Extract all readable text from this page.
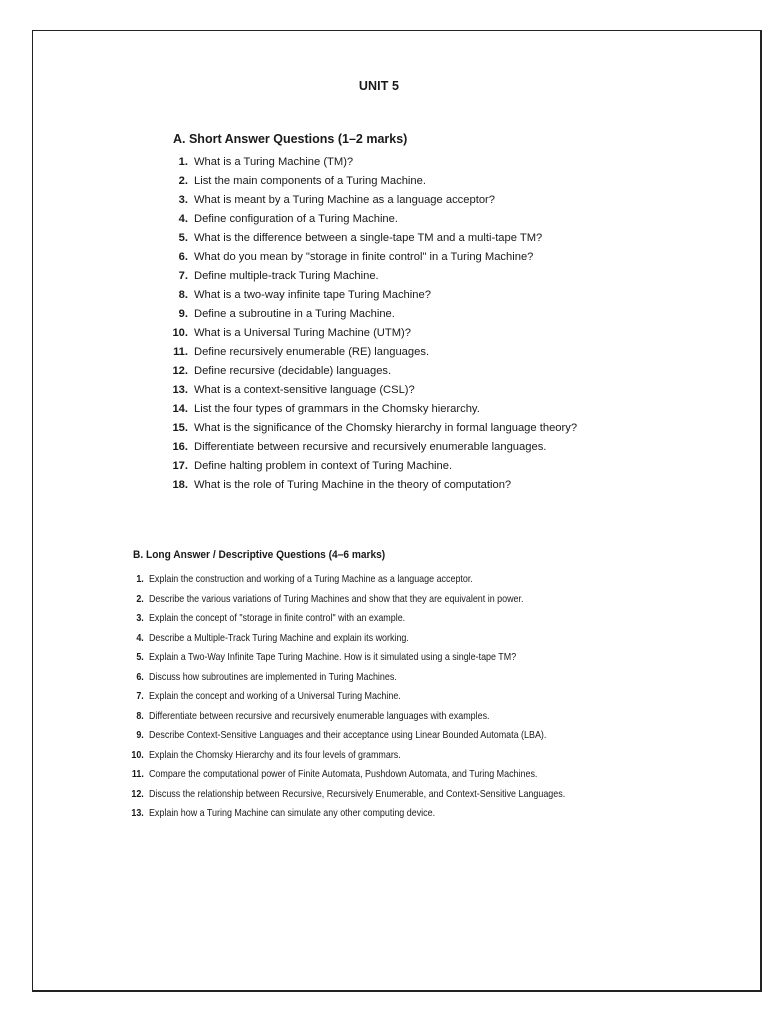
UNIT 5
A. Short Answer Questions (1–2 marks)
1. What is a Turing Machine (TM)?
2. List the main components of a Turing Machine.
3. What is meant by a Turing Machine as a language acceptor?
4. Define configuration of a Turing Machine.
5. What is the difference between a single-tape TM and a multi-tape TM?
6. What do you mean by "storage in finite control" in a Turing Machine?
7. Define multiple-track Turing Machine.
8. What is a two-way infinite tape Turing Machine?
9. Define a subroutine in a Turing Machine.
10. What is a Universal Turing Machine (UTM)?
11. Define recursively enumerable (RE) languages.
12. Define recursive (decidable) languages.
13. What is a context-sensitive language (CSL)?
14. List the four types of grammars in the Chomsky hierarchy.
15. What is the significance of the Chomsky hierarchy in formal language theory?
16. Differentiate between recursive and recursively enumerable languages.
17. Define halting problem in context of Turing Machine.
18. What is the role of Turing Machine in the theory of computation?
B. Long Answer / Descriptive Questions (4–6 marks)
1. Explain the construction and working of a Turing Machine as a language acceptor.
2. Describe the various variations of Turing Machines and show that they are equivalent in power.
3. Explain the concept of "storage in finite control" with an example.
4. Describe a Multiple-Track Turing Machine and explain its working.
5. Explain a Two-Way Infinite Tape Turing Machine. How is it simulated using a single-tape TM?
6. Discuss how subroutines are implemented in Turing Machines.
7. Explain the concept and working of a Universal Turing Machine.
8. Differentiate between recursive and recursively enumerable languages with examples.
9. Describe Context-Sensitive Languages and their acceptance using Linear Bounded Automata (LBA).
10. Explain the Chomsky Hierarchy and its four levels of grammars.
11. Compare the computational power of Finite Automata, Pushdown Automata, and Turing Machines.
12. Discuss the relationship between Recursive, Recursively Enumerable, and Context-Sensitive Languages.
13. Explain how a Turing Machine can simulate any other computing device.
